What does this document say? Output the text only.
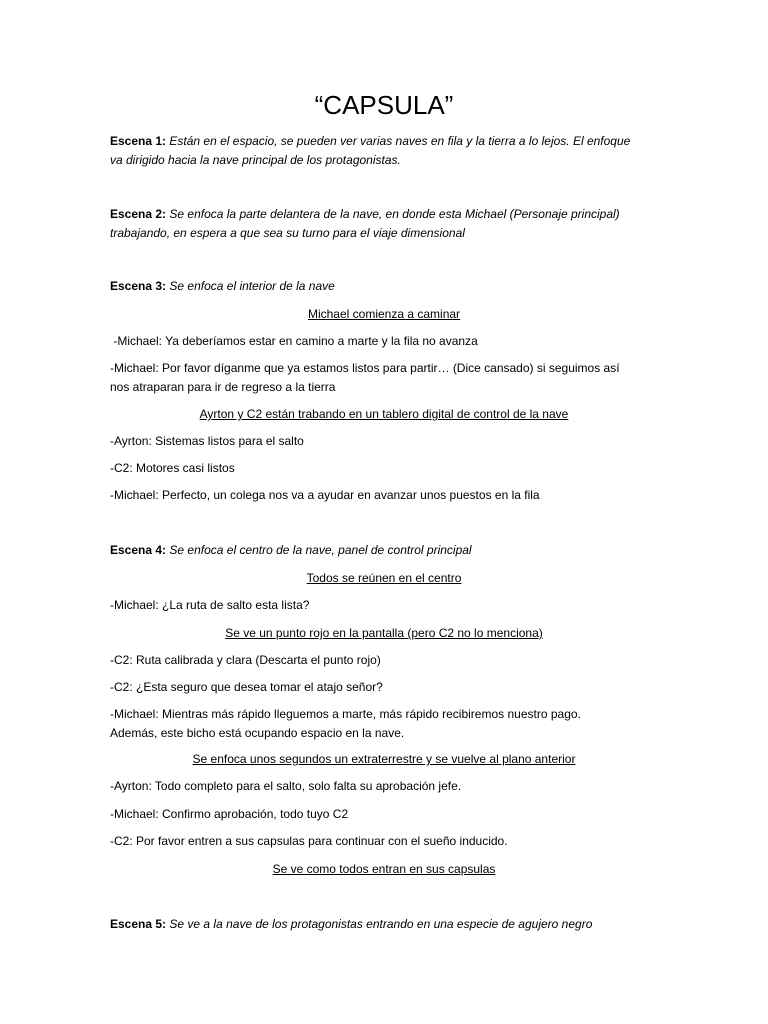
“CAPSULA”

Escena 1: Están en el espacio, se pueden ver varias naves en fila y la tierra a lo lejos. El enfoque
va dirigido hacia la nave principal de los protagonistas.

Escena 2: Se enfoca la parte delantera de la nave, en donde esta Michael (Personaje principal)
trabajando, en espera a que sea su turno para el viaje dimensional

Escena 3: Se enfoca el interior de la nave

Michael comienza a caminar

-Michael: Ya deberíamos estar en camino a marte y la fila no avanza

-Michael: Por favor díganme que ya estamos listos para partir… (Dice cansado) si seguimos así
nos atraparan para ir de regreso a la tierra

Ayrton y C2 están trabando en un tablero digital de control de la nave

-Ayrton: Sistemas listos para el salto

-C2: Motores casi listos

-Michael: Perfecto, un colega nos va a ayudar en avanzar unos puestos en la fila

Escena 4: Se enfoca el centro de la nave, panel de control principal

Todos se reúnen en el centro

-Michael: ¿La ruta de salto esta lista?

Se ve un punto rojo en la pantalla (pero C2 no lo menciona)

-C2: Ruta calibrada y clara (Descarta el punto rojo)

-C2: ¿Esta seguro que desea tomar el atajo señor?

-Michael: Mientras más rápido lleguemos a marte, más rápido recibiremos nuestro pago.
Además, este bicho está ocupando espacio en la nave.

Se enfoca unos segundos un extraterrestre y se vuelve al plano anterior

-Ayrton: Todo completo para el salto, solo falta su aprobación jefe.

-Michael: Confirmo aprobación, todo tuyo C2

-C2: Por favor entren a sus capsulas para continuar con el sueño inducido.

Se ve como todos entran en sus capsulas

Escena 5: Se ve a la nave de los protagonistas entrando en una especie de agujero negro
